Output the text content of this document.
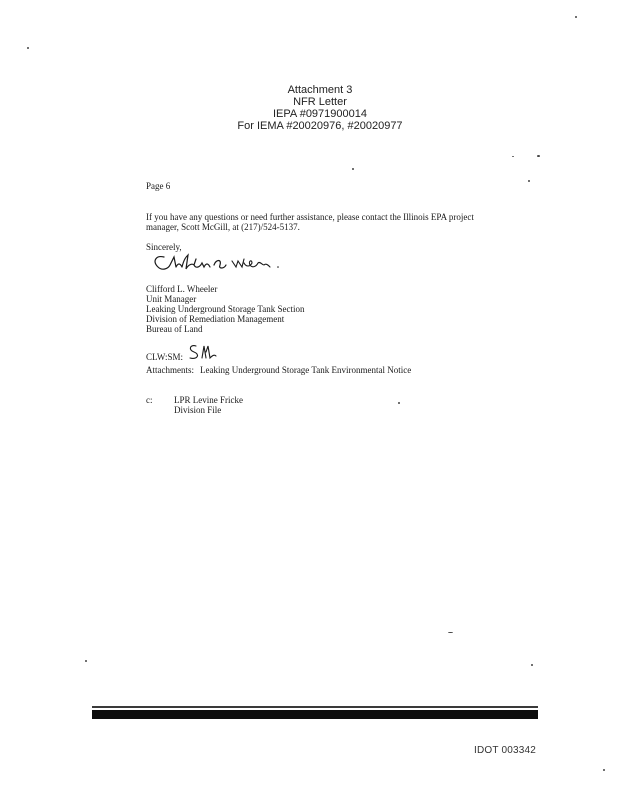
Attachment 3
NFR Letter
IEPA #0971900014
For IEMA #20020976, #20020977
Page 6
If you have any questions or need further assistance, please contact the Illinois EPA project manager, Scott McGill, at (217)/524-5137.
Sincerely,
Clifford L. Wheeler
Unit Manager
Leaking Underground Storage Tank Section
Division of Remediation Management
Bureau of Land
CLW:SM:
Attachments: Leaking Underground Storage Tank Environmental Notice
c:	LPR Levine Fricke
Division File
IDOT 003342
